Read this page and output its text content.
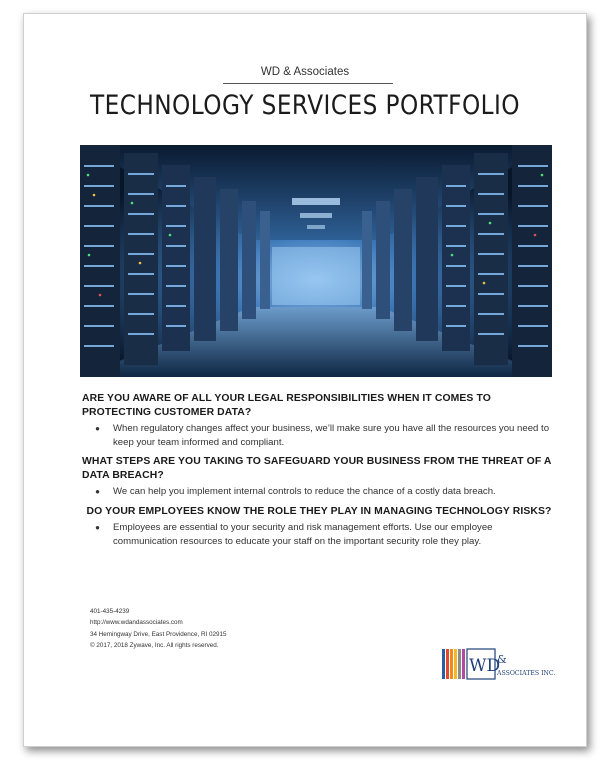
WD & Associates
TECHNOLOGY SERVICES PORTFOLIO
ARE YOU AWARE OF ALL YOUR LEGAL RESPONSIBILITIES WHEN IT COMES TO PROTECTING CUSTOMER DATA?
●	When regulatory changes affect your business, we’ll make sure you have all the resources you need to keep your team informed and compliant.
WHAT STEPS ARE YOU TAKING TO SAFEGUARD YOUR BUSINESS FROM THE THREAT OF A DATA BREACH?
●	We can help you implement internal controls to reduce the chance of a costly data breach.
DO YOUR EMPLOYEES KNOW THE ROLE THEY PLAY IN MANAGING TECHNOLOGY RISKS?
●	Employees are essential to your security and risk management efforts. Use our employee communication resources to educate your staff on the important security role they play.
401-435-4239
http://www.wdandassociates.com
34 Hemingway Drive, East Providence, RI 02915
© 2017, 2018 Zywave, Inc. All rights reserved.
WD
&
ASSOCIATES INC.
